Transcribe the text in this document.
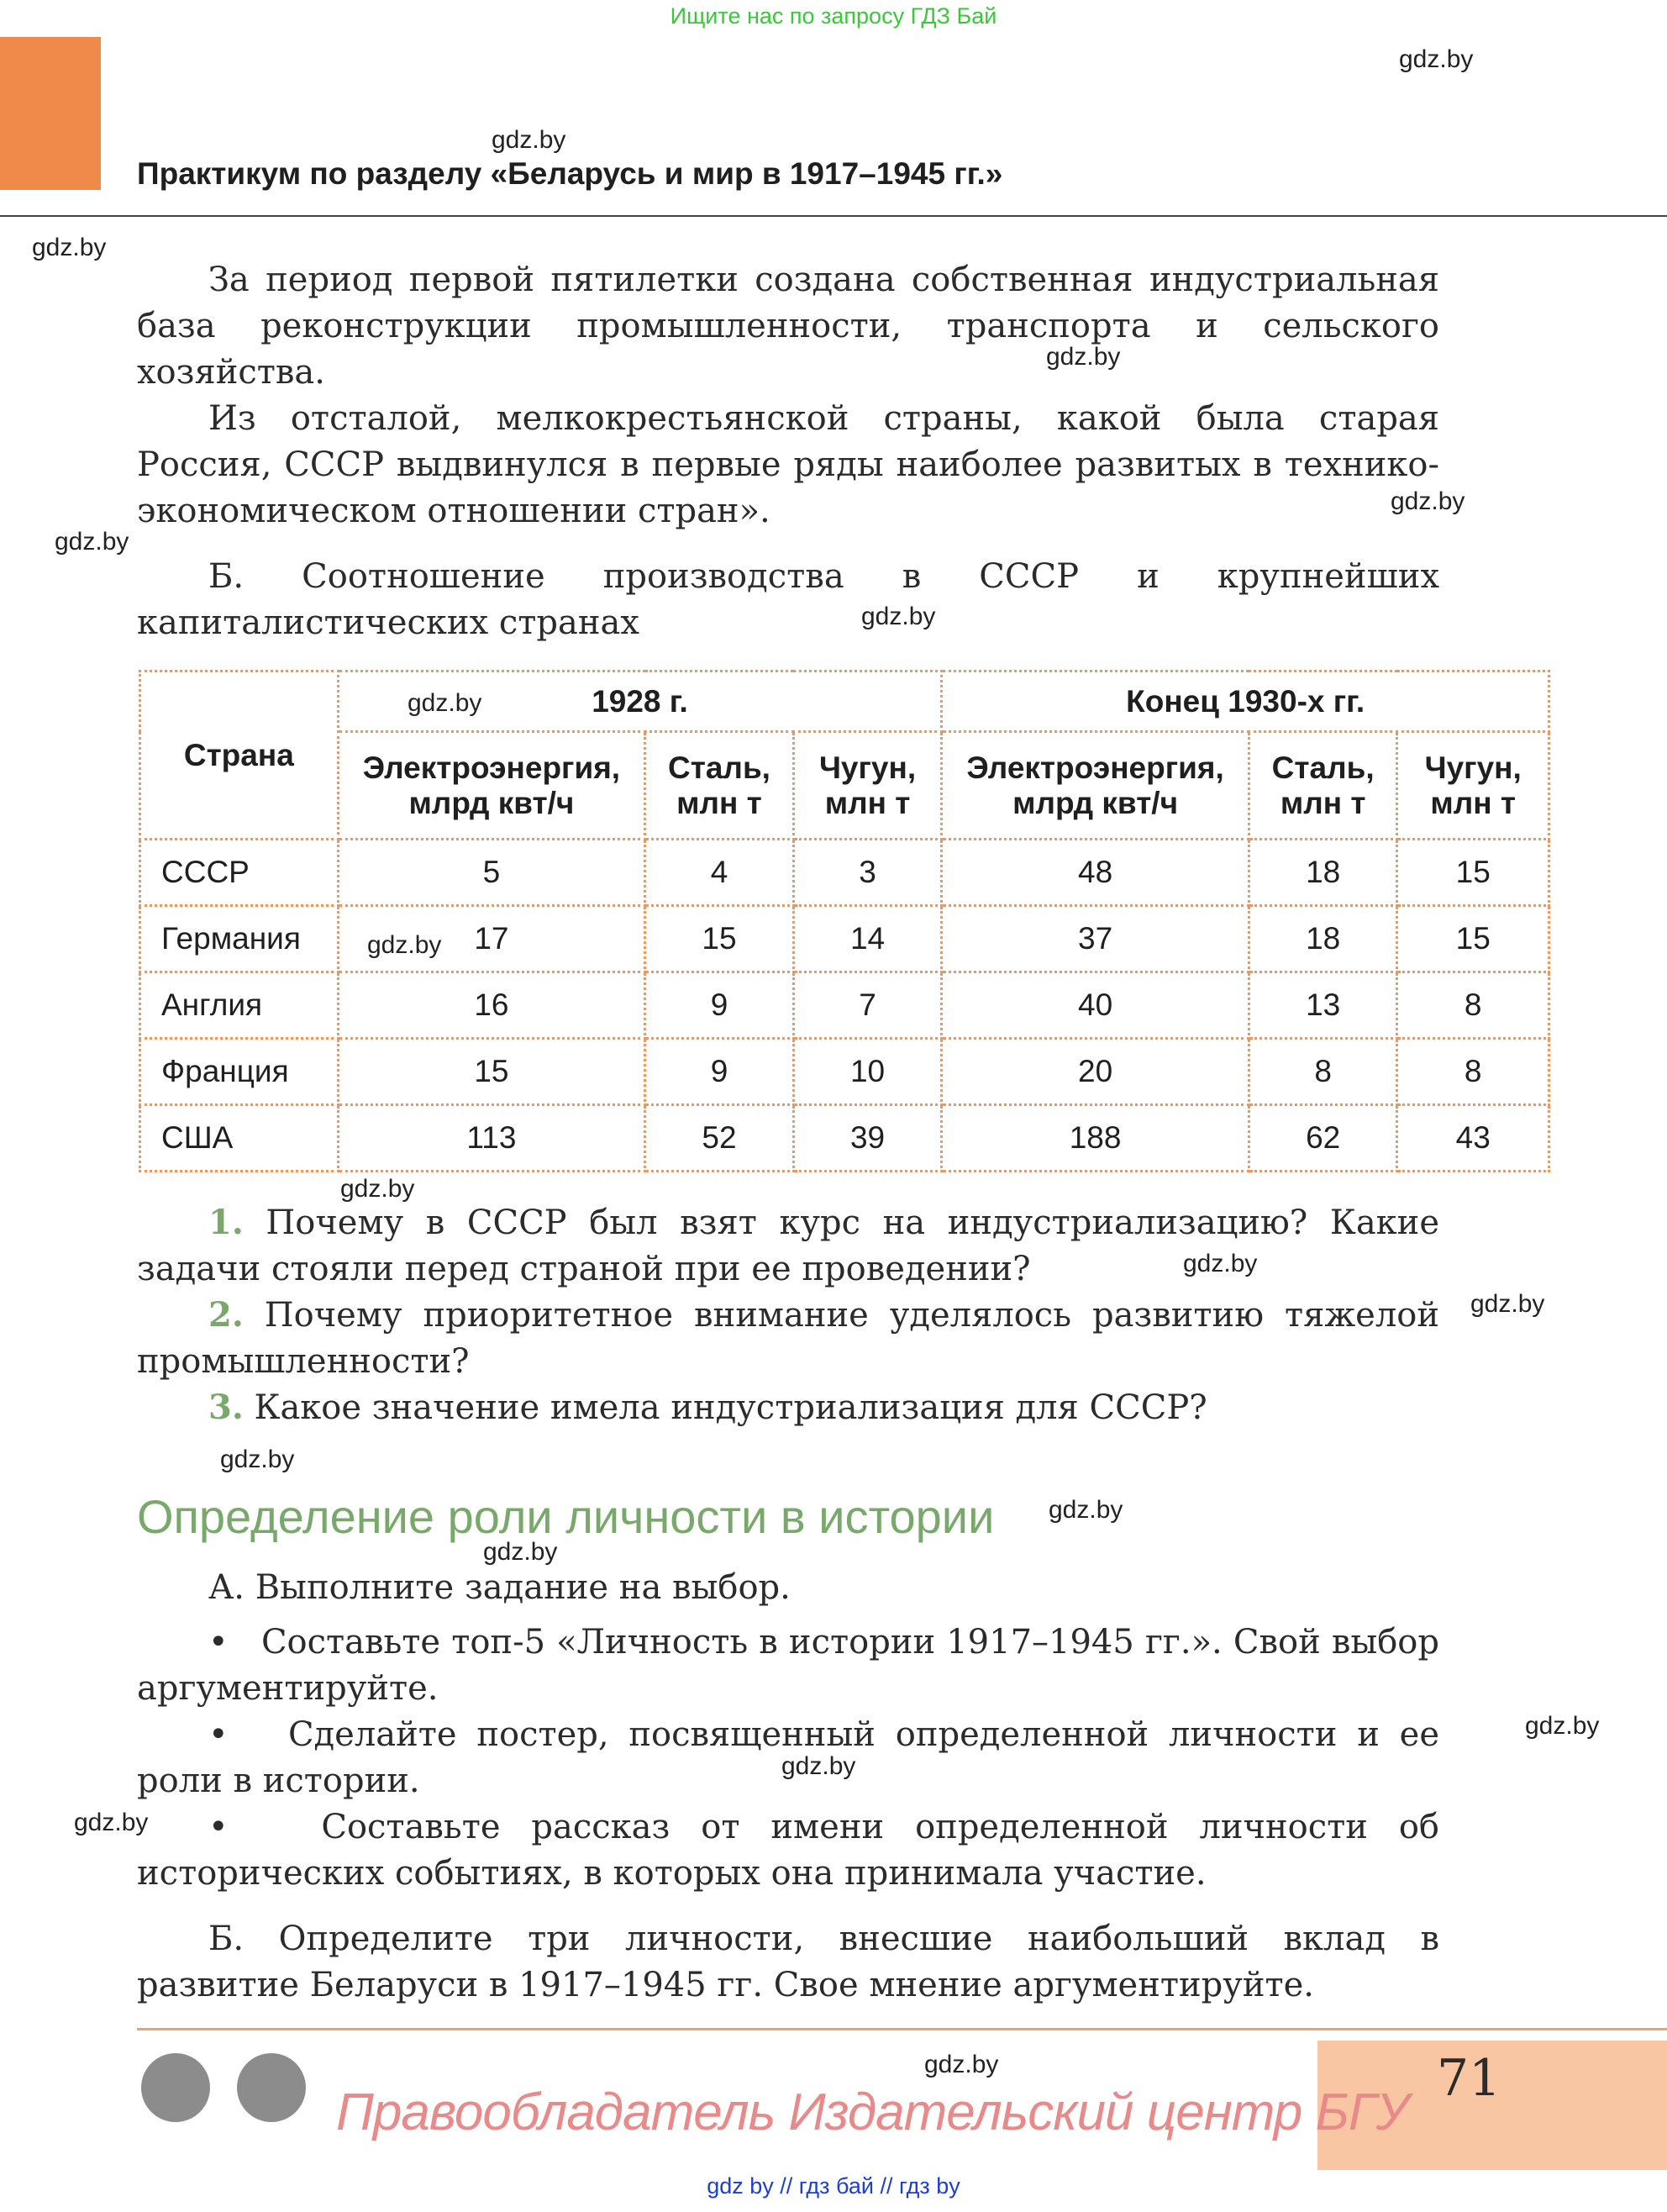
Ищите нас по запросу ГДЗ Бай
Практикум по разделу «Беларусь и мир в 1917–1945 гг.»
gdz.by
gdz.by
gdz.by
gdz.by
gdz.by
gdz.by
gdz.by
gdz.by
gdz.by
gdz.by
gdz.by
gdz.by
gdz.by
gdz.by
gdz.by
gdz.by
gdz.by
gdz.by
gdz.by
За период первой пятилетки создана собственная индустриальная база реконструкции промышленности, транспорта и сельского хозяйства.
Из отсталой, мелкокрестьянской страны, какой была старая Россия, СССР выдвинулся в первые ряды наиболее развитых в технико-экономическом отношении стран».
Б. Соотношение производства в СССР и крупнейших капиталистических странах
Страна	1928 г.			Конец 1930-х гг.		
	Электроэнергия, млрд квт/ч	Сталь, млн т	Чугун, млн т	Электроэнергия, млрд квт/ч	Сталь, млн т	Чугун, млн т
СССР	5	4	3	48	18	15
Германия	17	15	14	37	18	15
Англия	16	9	7	40	13	8
Франция	15	9	10	20	8	8
США	113	52	39	188	62	43
1. Почему в СССР был взят курс на индустриализацию? Какие задачи стояли перед страной при ее проведении?
2. Почему приоритетное внимание уделялось развитию тяжелой промышленности?
3. Какое значение имела индустриализация для СССР?
Определение роли личности в истории
А. Выполните задание на выбор.
• Составьте топ-5 «Личность в истории 1917–1945 гг.». Свой выбор аргументируйте.
• Сделайте постер, посвященный определенной личности и ее роли в истории.
•	Составьте рассказ от имени определенной личности об исторических событиях, в которых она принимала участие.
Б. Определите три личности, внесшие наибольший вклад в развитие Беларуси в 1917–1945 гг. Свое мнение аргументируйте.
Правообладатель Издательский центр БГУ
71
gdz by // гдз бай // гдз by
